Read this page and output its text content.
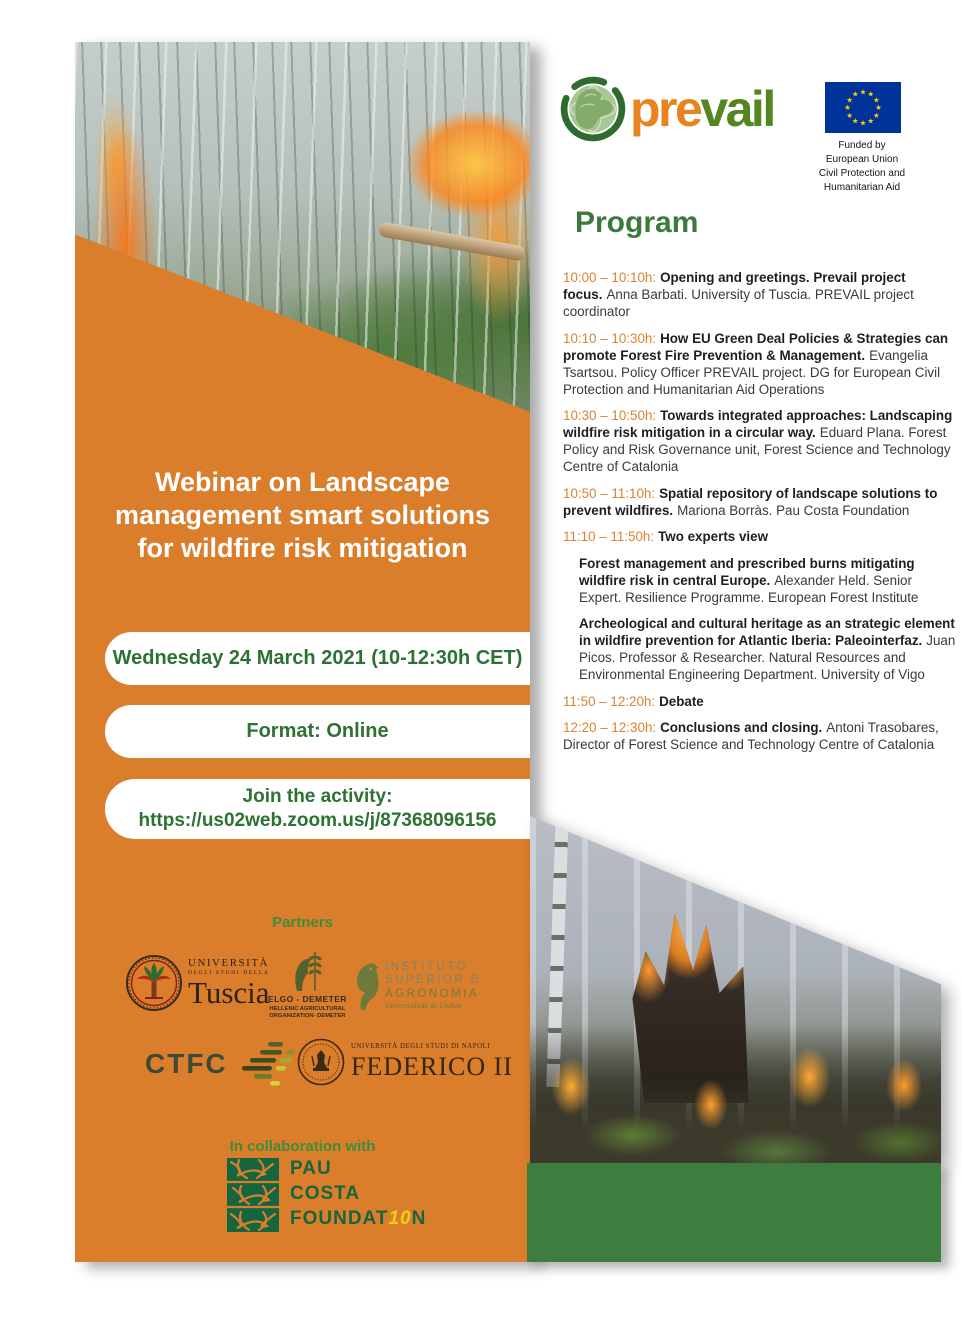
Webinar on Landscape
management smart solutions
for wildfire risk mitigation
Wednesday 24 March 2021 (10-12:30h CET)
Format: Online
Join the activity:
https://us02web.zoom.us/j/87368096156
Partners
UNIVERSITÀ
DEGLI STUDI DELLA
Tuscia
ELGO - DEMETER
HELLENIC AGRICULTURAL
ORGANIZATION- DEMETER
INSTITUTO
SUPERIOR Ð
AGRONOMIA
Universidade de Lisboa
CTFC
UNIVERSITÀ DEGLI STUDI DI NAPOLI
FEDERICO II
In collaboration with
PAU
COSTA
FOUNDAT10N
prevail	★ ★
★
★
★
★
★
★
★
★
★
★
Funded by
European Union
Civil Protection and
Humanitarian Aid
Program

10:00 – 10:10h: Opening and greetings. Prevail project focus. Anna Barbati. University of Tuscia. PREVAIL project coordinator

10:10 – 10:30h: How EU Green Deal Policies & Strategies can promote Forest Fire Prevention & Management. Evangelia Tsartsou. Policy Officer PREVAIL project. DG for European Civil Protection and Humanitarian Aid Operations

10:30 – 10:50h: Towards integrated approaches: Landscaping wildfire risk mitigation in a circular way. Eduard Plana. Forest Policy and Risk Governance unit, Forest Science and Technology Centre of Catalonia

10:50 – 11:10h: Spatial repository of landscape solutions to prevent wildfires. Mariona Borràs. Pau Costa Foundation

11:10 – 11:50h: Two experts view

Forest management and prescribed burns mitigating wildfire risk in central Europe. Alexander Held. Senior Expert. Resilience Programme. European Forest Institute

Archeological and cultural heritage as an strategic element in wildfire prevention for Atlantic Iberia: Paleointerfaz. Juan Picos. Professor & Researcher. Natural Resources and Environmental Engineering Department. University of Vigo

11:50 – 12:20h: Debate

12:20 – 12:30h: Conclusions and closing. Antoni Trasobares, Director of Forest Science and Technology Centre of Catalonia
